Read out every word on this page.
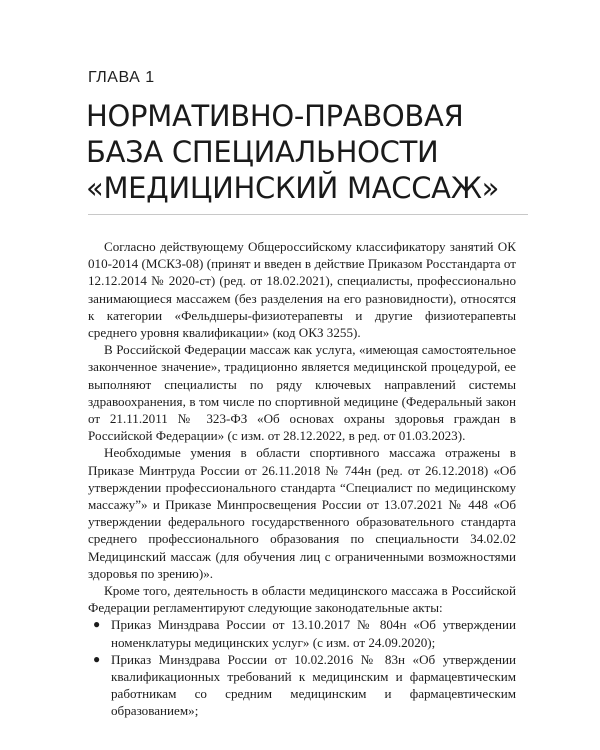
ГЛАВА 1
НОРМАТИВНО-ПРАВОВАЯ
БАЗА СПЕЦИАЛЬНОСТИ
«МЕДИЦИНСКИЙ МАССАЖ»

Согласно действующему Общероссийскому классификатору занятий ОК 010-2014 (МСКЗ-08) (принят и введен в действие Приказом Росстандарта от 12.12.2014 № 2020-ст) (ред. от 18.02.2021), специалисты, профессионально занимающиеся массажем (без разделения на его разновидности), относятся к категории «Фельдшеры-физиотерапевты и другие физиотерапевты среднего уровня квалификации» (код ОКЗ 3255).

В Российской Федерации массаж как услуга, «имеющая самостоятельное законченное значение», традиционно является медицинской процедурой, ее выполняют специалисты по ряду ключевых направлений системы здравоохранения, в том числе по спортивной медицине (Федеральный закон от 21.11.2011 № 323-ФЗ «Об основах охраны здоровья граждан в Российской Федерации» (с изм. от 28.12.2022, в ред. от 01.03.2023).

Необходимые умения в области спортивного массажа отражены в Приказе Минтруда России от 26.11.2018 № 744н (ред. от 26.12.2018) «Об утверждении профессионального стандарта “Специалист по медицинскому массажу”» и Приказе Минпросвещения России от 13.07.2021 № 448 «Об утверждении федерального государственного образовательного стандарта среднего профессионального образования по специальности 34.02.02 Медицинский массаж (для обучения лиц с ограниченными возможностями здоровья по зрению)».

Кроме того, деятельность в области медицинского массажа в Российской Федерации регламентируют следующие законодательные акты:

● Приказ Минздрава России от 13.10.2017 № 804н «Об утверждении номенклатуры медицинских услуг» (с изм. от 24.09.2020);
● Приказ Минздрава России от 10.02.2016 № 83н «Об утверждении квалификационных требований к медицинским и фармацевтическим работникам со средним медицинским и фармацевтическим образованием»;
